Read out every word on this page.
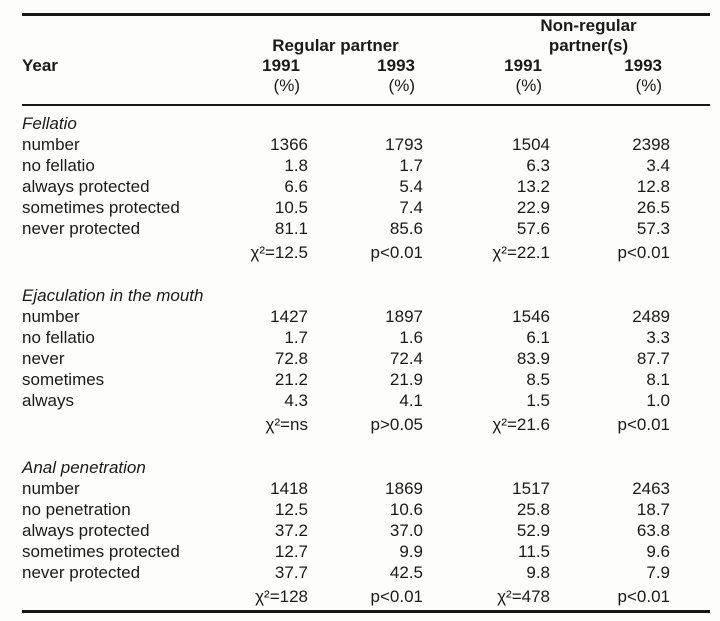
	Regular partner		Non-regular partner(s)		
Year	1991	1993	1991	1993	
	(%)	(%)	(%)	(%)	
Fellatio					
number	1366	1793	1504	2398	
no fellatio	1.8	1.7	6.3	3.4	
always protected	6.6	5.4	13.2	12.8	
sometimes protected	10.5	7.4	22.9	26.5	
never protected	81.1	85.6	57.6	57.3	
	χ²=12.5	p<0.01	χ²=22.1	p<0.01	
Ejaculation in the mouth					
number	1427	1897	1546	2489	
no fellatio	1.7	1.6	6.1	3.3	
never	72.8	72.4	83.9	87.7	
sometimes	21.2	21.9	8.5	8.1	
always	4.3	4.1	1.5	1.0	
	χ²=ns	p>0.05	χ²=21.6	p<0.01	
Anal penetration					
number	1418	1869	1517	2463	
no penetration	12.5	10.6	25.8	18.7	
always protected	37.2	37.0	52.9	63.8	
sometimes protected	12.7	9.9	11.5	9.6	
never protected	37.7	42.5	9.8	7.9	
	χ²=128	p<0.01	χ²=478	p<0.01	
